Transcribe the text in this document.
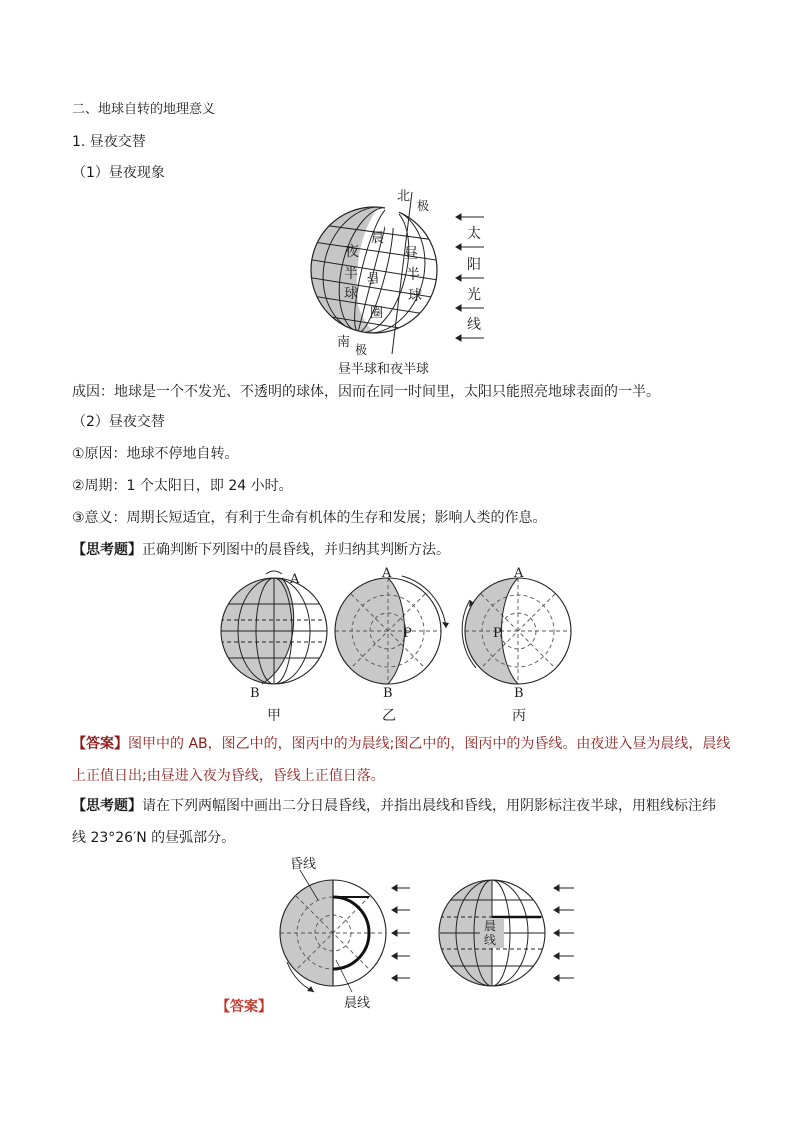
二、地球自转的地理意义
1. 昼夜交替
（1）昼夜现象
北
极
南 极
夜
半
球
昼
半
球
晨
昏
圈
太
阳
光
线
昼半球和夜半球
成因：地球是一个不发光、不透明的球体，因而在同一时间里，太阳只能照亮地球表面的一半。
（2）昼夜交替
①原因：地球不停地自转。
②周期：1 个太阳日，即 24 小时。
③意义：周期长短适宜，有利于生命有机体的生存和发展；影响人类的作息。
【思考题】正确判断下列图中的晨昏线，并归纳其判断方法。
A
B
甲
A
B
P
乙
A
B
P
丙
【答案】图甲中的 AB，图乙中的，图丙中的为晨线;图乙中的，图丙中的为昏线。由夜进入昼为晨线，晨线
上正值日出;由昼进入夜为昏线，昏线上正值日落。
【思考题】请在下列两幅图中画出二分日晨昏线，并指出晨线和昏线，用阴影标注夜半球，用粗线标注纬
线 23°26′N 的昼弧部分。
昏线
晨线
晨线
【答案】
